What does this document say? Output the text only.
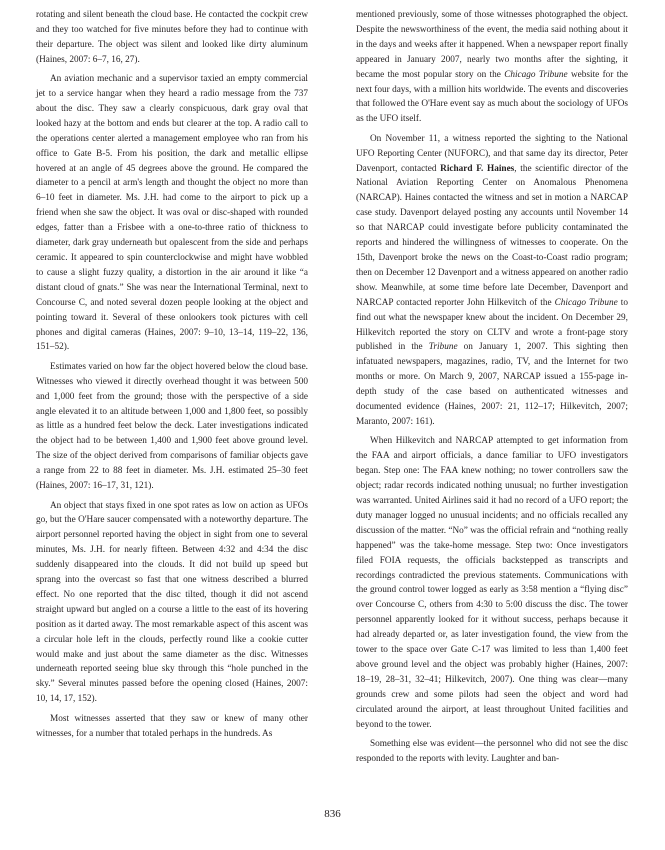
rotating and silent beneath the cloud base. He contacted the cockpit crew and they too watched for five minutes before they had to continue with their departure. The object was silent and looked like dirty aluminum (Haines, 2007: 6–7, 16, 27).

An aviation mechanic and a supervisor taxied an empty commercial jet to a service hangar when they heard a radio message from the 737 about the disc. They saw a clearly conspicuous, dark gray oval that looked hazy at the bottom and ends but clearer at the top. A radio call to the operations center alerted a management employee who ran from his office to Gate B-5. From his position, the dark and metallic ellipse hovered at an angle of 45 degrees above the ground. He compared the diameter to a pencil at arm's length and thought the object no more than 6–10 feet in diameter. Ms. J.H. had come to the airport to pick up a friend when she saw the object. It was oval or disc-shaped with rounded edges, fatter than a Frisbee with a one-to-three ratio of thickness to diameter, dark gray underneath but opalescent from the side and perhaps ceramic. It appeared to spin counterclockwise and might have wobbled to cause a slight fuzzy quality, a distortion in the air around it like “a distant cloud of gnats.” She was near the International Terminal, next to Concourse C, and noted several dozen people looking at the object and pointing toward it. Several of these onlookers took pictures with cell phones and digital cameras (Haines, 2007: 9–10, 13–14, 119–22, 136, 151–52).

Estimates varied on how far the object hovered below the cloud base. Witnesses who viewed it directly overhead thought it was between 500 and 1,000 feet from the ground; those with the perspective of a side angle elevated it to an altitude between 1,000 and 1,800 feet, so possibly as little as a hundred feet below the deck. Later investigations indicated the object had to be between 1,400 and 1,900 feet above ground level. The size of the object derived from comparisons of familiar objects gave a range from 22 to 88 feet in diameter. Ms. J.H. estimated 25–30 feet (Haines, 2007: 16–17, 31, 121).

An object that stays fixed in one spot rates as low on action as UFOs go, but the O'Hare saucer compensated with a noteworthy departure. The airport personnel reported having the object in sight from one to several minutes, Ms. J.H. for nearly fifteen. Between 4:32 and 4:34 the disc suddenly disappeared into the clouds. It did not build up speed but sprang into the overcast so fast that one witness described a blurred effect. No one reported that the disc tilted, though it did not ascend straight upward but angled on a course a little to the east of its hovering position as it darted away. The most remarkable aspect of this ascent was a circular hole left in the clouds, perfectly round like a cookie cutter would make and just about the same diameter as the disc. Witnesses underneath reported seeing blue sky through this “hole punched in the sky.” Several minutes passed before the opening closed (Haines, 2007: 10, 14, 17, 152).

Most witnesses asserted that they saw or knew of many other witnesses, for a number that totaled perhaps in the hundreds. As

mentioned previously, some of those witnesses photographed the object. Despite the newsworthiness of the event, the media said nothing about it in the days and weeks after it happened. When a newspaper report finally appeared in January 2007, nearly two months after the sighting, it became the most popular story on the Chicago Tribune website for the next four days, with a million hits worldwide. The events and discoveries that followed the O'Hare event say as much about the sociology of UFOs as the UFO itself.

On November 11, a witness reported the sighting to the National UFO Reporting Center (NUFORC), and that same day its director, Peter Davenport, contacted Richard F. Haines, the scientific director of the National Aviation Reporting Center on Anomalous Phenomena (NARCAP). Haines contacted the witness and set in motion a NARCAP case study. Davenport delayed posting any accounts until November 14 so that NARCAP could investigate before publicity contaminated the reports and hindered the willingness of witnesses to cooperate. On the 15th, Davenport broke the news on the Coast-to-Coast radio program; then on December 12 Davenport and a witness appeared on another radio show. Meanwhile, at some time before late December, Davenport and NARCAP contacted reporter John Hilkevitch of the Chicago Tribune to find out what the newspaper knew about the incident. On December 29, Hilkevitch reported the story on CLTV and wrote a front-page story published in the Tribune on January 1, 2007. This sighting then infatuated newspapers, magazines, radio, TV, and the Internet for two months or more. On March 9, 2007, NARCAP issued a 155-page in-depth study of the case based on authenticated witnesses and documented evidence (Haines, 2007: 21, 112–17; Hilkevitch, 2007; Maranto, 2007: 161).

When Hilkevitch and NARCAP attempted to get information from the FAA and airport officials, a dance familiar to UFO investigators began. Step one: The FAA knew nothing; no tower controllers saw the object; radar records indicated nothing unusual; no further investigation was warranted. United Airlines said it had no record of a UFO report; the duty manager logged no unusual incidents; and no officials recalled any discussion of the matter. “No” was the official refrain and “nothing really happened” was the take-home message. Step two: Once investigators filed FOIA requests, the officials backstepped as transcripts and recordings contradicted the previous statements. Communications with the ground control tower logged as early as 3:58 mention a “flying disc” over Concourse C, others from 4:30 to 5:00 discuss the disc. The tower personnel apparently looked for it without success, perhaps because it had already departed or, as later investigation found, the view from the tower to the space over Gate C-17 was limited to less than 1,400 feet above ground level and the object was probably higher (Haines, 2007: 18–19, 28–31, 32–41; Hilkevitch, 2007). One thing was clear—many grounds crew and some pilots had seen the object and word had circulated around the airport, at least throughout United facilities and beyond to the tower.

Something else was evident—the personnel who did not see the disc responded to the reports with levity. Laughter and ban-

836
